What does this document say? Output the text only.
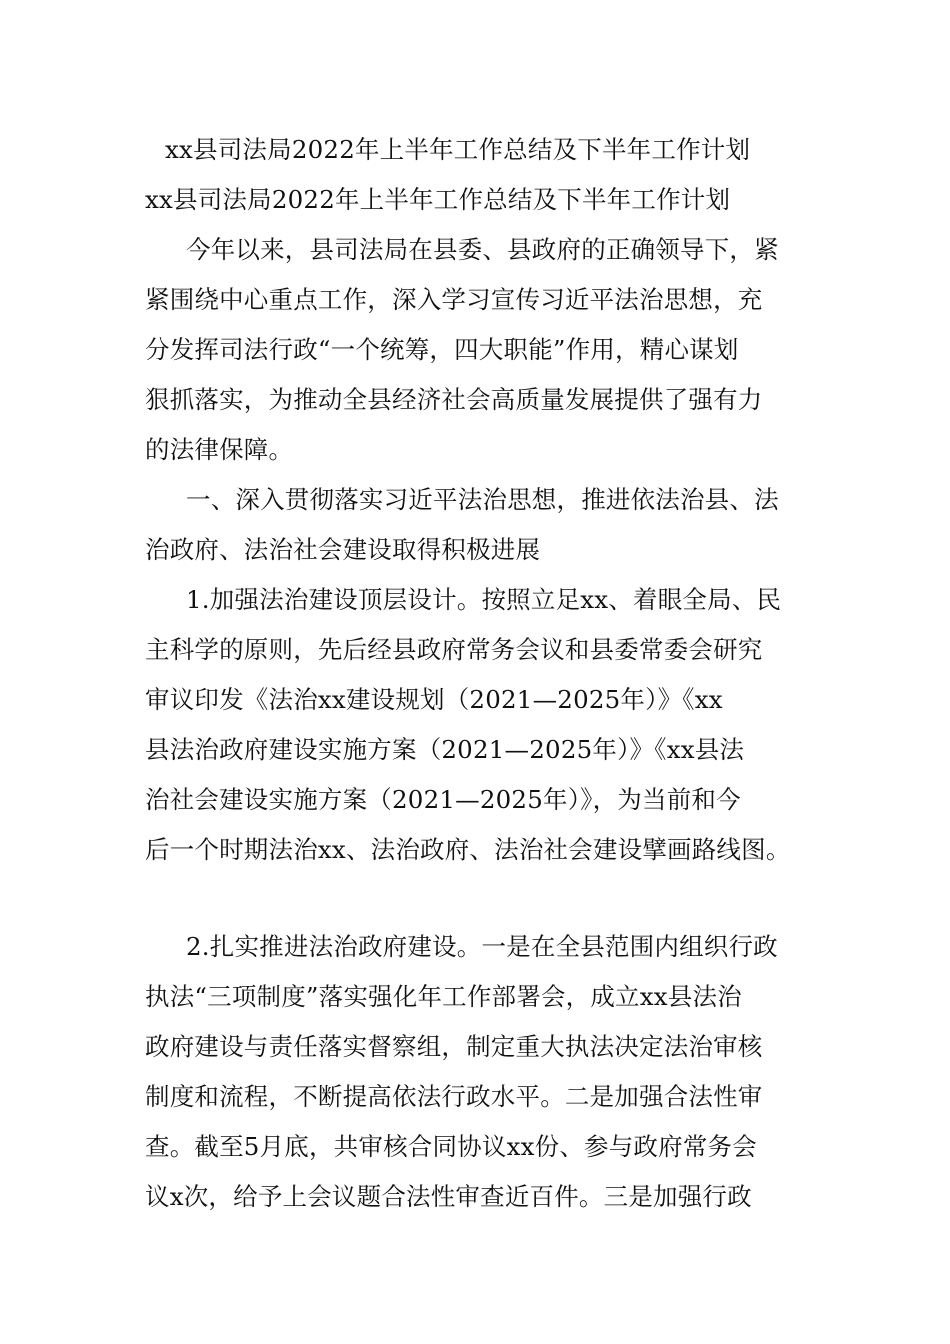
xx县司法局2022年上半年工作总结及下半年工作计划
xx县司法局2022年上半年工作总结及下半年工作计划
今年以来，县司法局在县委、县政府的正确领导下，紧
紧围绕中心重点工作，深入学习宣传习近平法治思想，充
分发挥司法行政“一个统筹，四大职能”作用，精心谋划
狠抓落实，为推动全县经济社会高质量发展提供了强有力
的法律保障。
一、深入贯彻落实习近平法治思想，推进依法治县、法
治政府、法治社会建设取得积极进展
1.加强法治建设顶层设计。按照立足xx、着眼全局、民
主科学的原则，先后经县政府常务会议和县委常委会研究
审议印发《法治xx建设规划（2021—2025年）》《xx
县法治政府建设实施方案（2021—2025年）》《xx县法
治社会建设实施方案（2021—2025年）》，为当前和今
后一个时期法治xx、法治政府、法治社会建设擘画路线图。
2.扎实推进法治政府建设。一是在全县范围内组织行政
执法“三项制度”落实强化年工作部署会，成立xx县法治
政府建设与责任落实督察组，制定重大执法决定法治审核
制度和流程，不断提高依法行政水平。二是加强合法性审
查。截至5月底，共审核合同协议xx份、参与政府常务会
议x次，给予上会议题合法性审查近百件。三是加强行政
